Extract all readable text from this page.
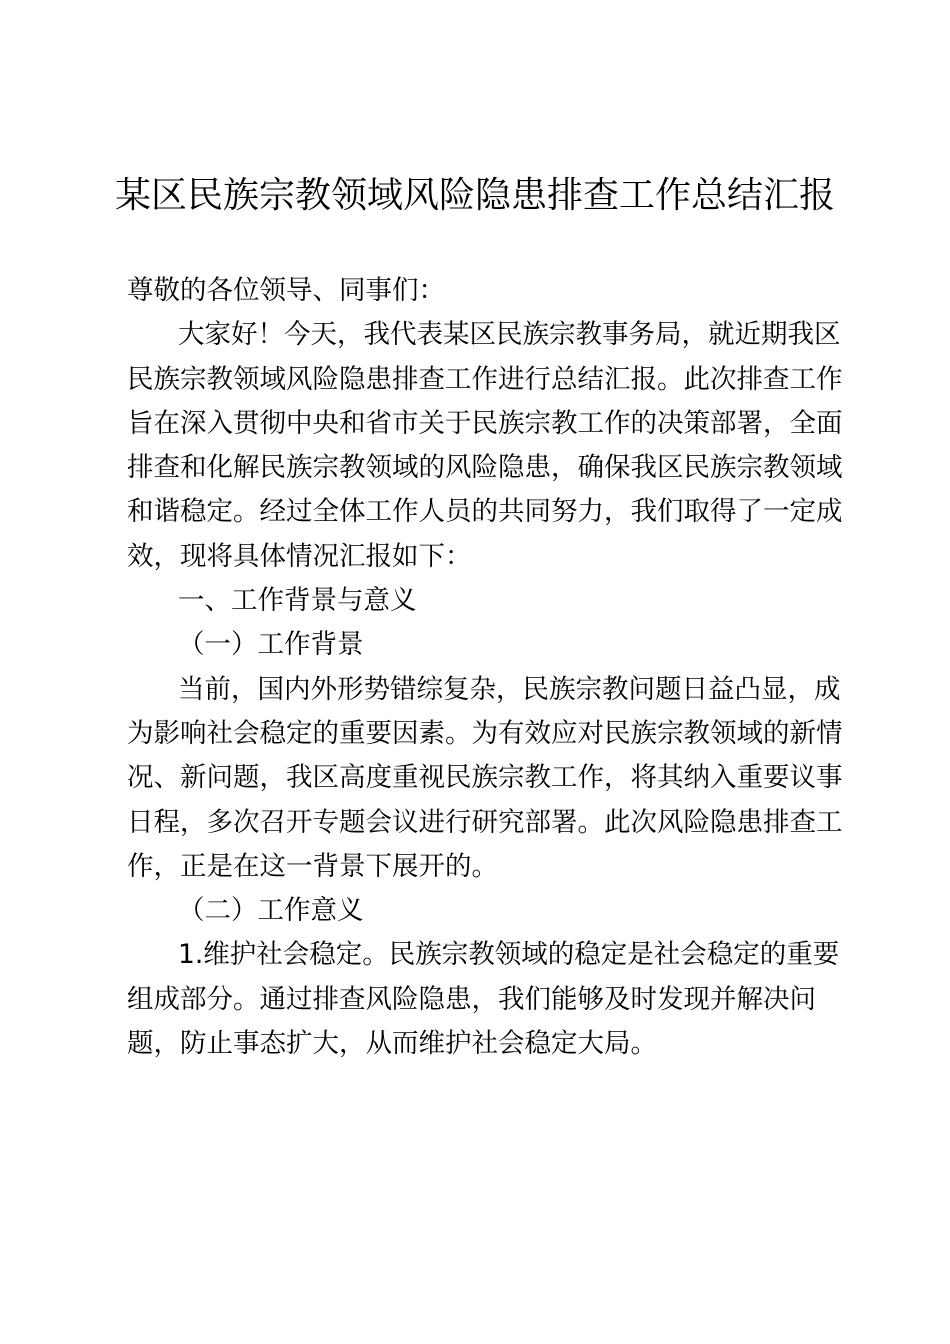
某区民族宗教领域风险隐患排查工作总结汇报
尊敬的各位领导、同事们：
大家好！今天，我代表某区民族宗教事务局，就近期我区
民族宗教领域风险隐患排查工作进行总结汇报。此次排查工作
旨在深入贯彻中央和省市关于民族宗教工作的决策部署，全面
排查和化解民族宗教领域的风险隐患，确保我区民族宗教领域
和谐稳定。经过全体工作人员的共同努力，我们取得了一定成
效，现将具体情况汇报如下：
一、工作背景与意义
（一）工作背景
当前，国内外形势错综复杂，民族宗教问题日益凸显，成
为影响社会稳定的重要因素。为有效应对民族宗教领域的新情
况、新问题，我区高度重视民族宗教工作，将其纳入重要议事
日程，多次召开专题会议进行研究部署。此次风险隐患排查工
作，正是在这一背景下展开的。
（二）工作意义
1.维护社会稳定。民族宗教领域的稳定是社会稳定的重要
组成部分。通过排查风险隐患，我们能够及时发现并解决问
题，防止事态扩大，从而维护社会稳定大局。
